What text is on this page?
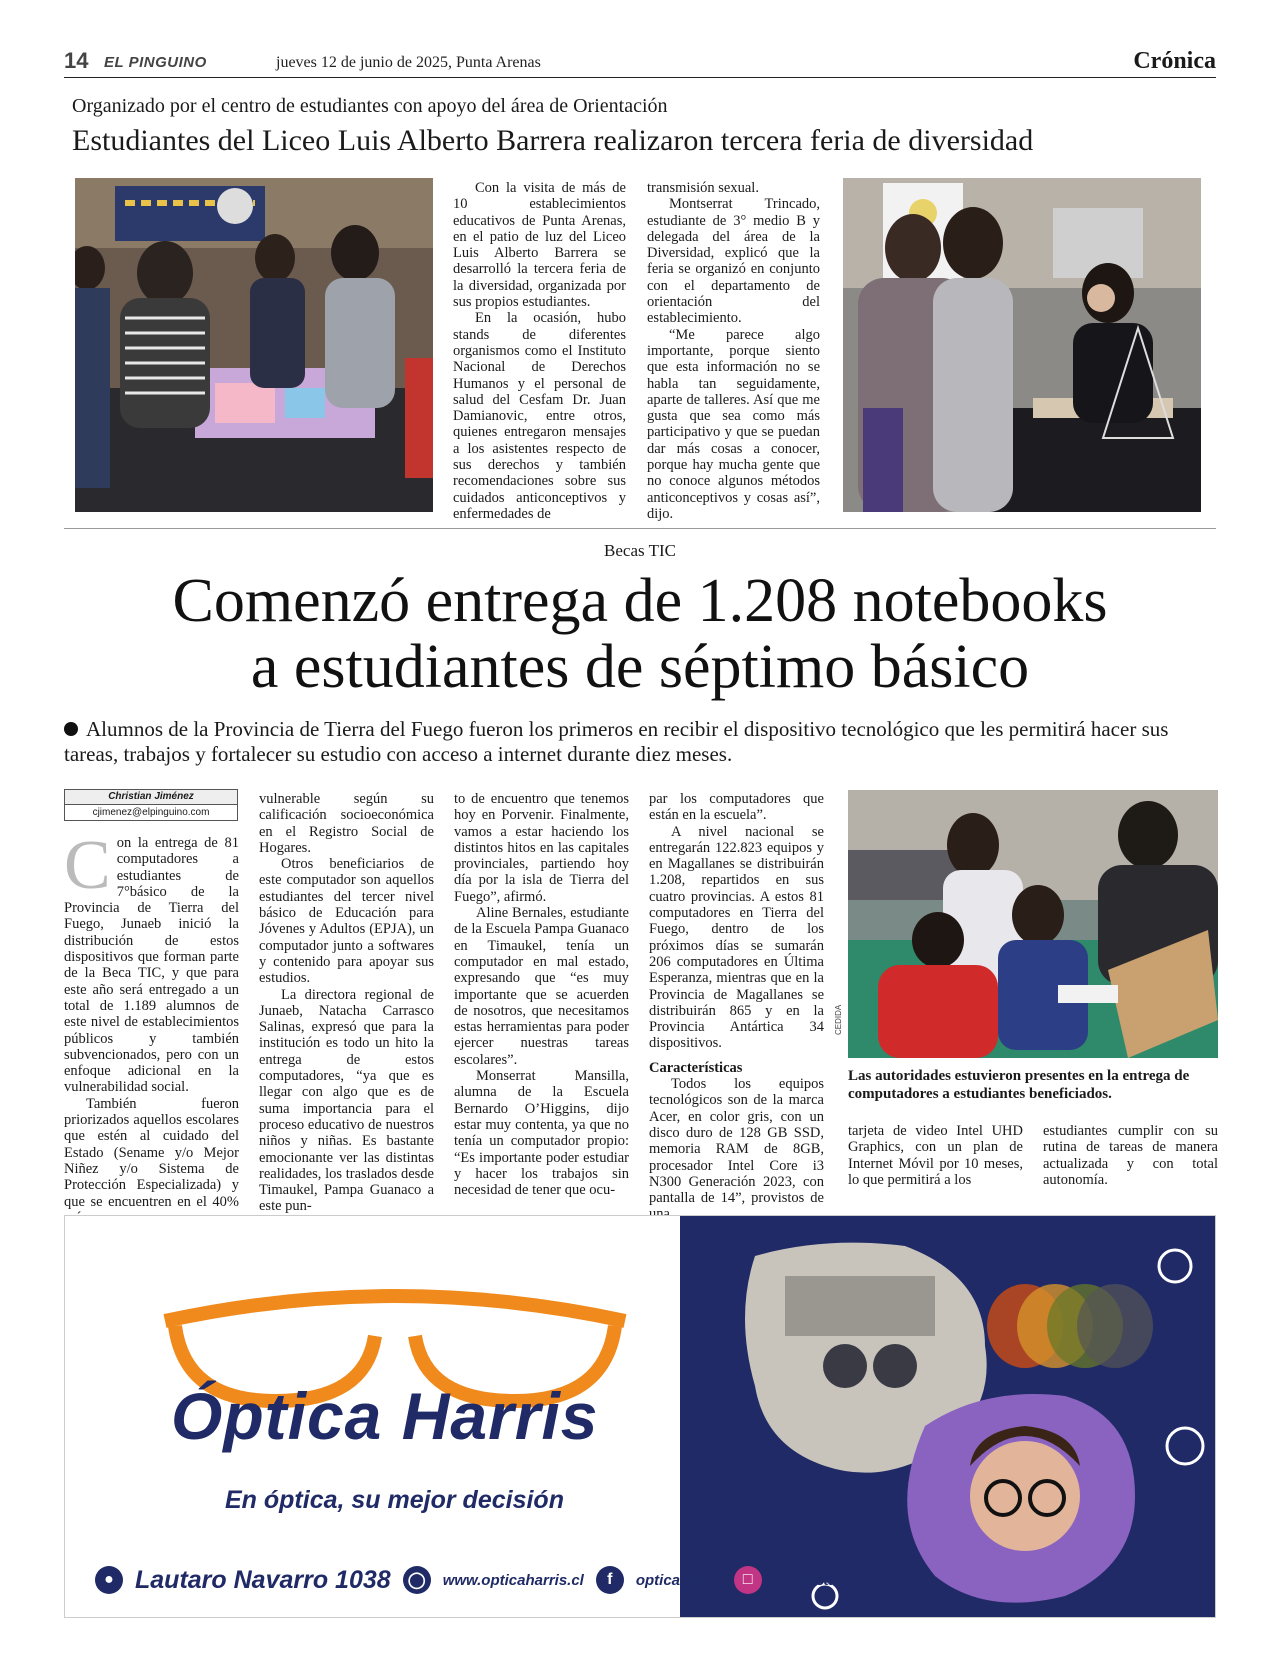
14 EL PINGUINO	jueves 12 de junio de 2025, Punta Arenas	Crónica
Organizado por el centro de estudiantes con apoyo del área de Orientación
Estudiantes del Liceo Luis Alberto Barrera realizaron tercera feria de diversidad

Con la visita de más de 10 establecimientos educativos de Punta Arenas, en el patio de luz del Liceo Luis Alberto Barrera se desarrolló la tercera feria de la diversidad, organizada por sus propios estudiantes.

En la ocasión, hubo stands de diferentes organismos como el Instituto Nacional de Derechos Humanos y el personal de salud del Cesfam Dr. Juan Damianovic, entre otros, quienes entregaron mensajes a los asistentes respecto de sus derechos y también recomendaciones sobre sus cuidados anticonceptivos y enfermedades de

transmisión sexual.

Montserrat Trincado, estudiante de 3° medio B y delegada del área de la Diversidad, explicó que la feria se organizó en conjunto con el departamento de orientación del establecimiento.

“Me parece algo importante, porque siento que esta información no se habla tan seguidamente, aparte de talleres. Así que me gusta que sea como más participativo y que se puedan dar más cosas a conocer, porque hay mucha gente que no conoce algunos métodos anticonceptivos y cosas así”, dijo.

Becas TIC
Comenzó entrega de 1.208 notebooks
a estudiantes de séptimo básico
Alumnos de la Provincia de Tierra del Fuego fueron los primeros en recibir el dispositivo tecnológico que les permitirá hacer sus tareas, trabajos y fortalecer su estudio con acceso a internet durante diez meses.
Christian Jiménez
cjimenez@elpinguino.com

Con la entrega de 81 computadores a estudiantes de 7°básico de la Provincia de Tierra del Fuego, Junaeb inició la distribución de estos dispositivos que forman parte de la Beca TIC, y que para este año será entregado a un total de 1.189 alumnos de este nivel de establecimientos públicos y también subvencionados, pero con un enfoque adicional en la vulnerabilidad social.

También fueron priorizados aquellos escolares que estén al cuidado del Estado (Sename y/o Mejor Niñez y/o Sistema de Protección Especializada) y que se encuentren en el 40%

vulnerable según su calificación socioeconómica en el Registro Social de Hogares.

Otros beneficiarios de este computador son aquellos estudiantes del tercer nivel básico de Educación para Jóvenes y Adultos (EPJA), un computador junto a softwares y contenido para apoyar sus estudios.

La directora regional de Junaeb, Natacha Carrasco Salinas, expresó que para la institución es todo un hito la entrega de estos computadores, “ya que es llegar con algo que es de suma importancia para el proceso educativo de nuestros niños y niñas. Es bastante emocionante ver las distintas realidades, los traslados desde Timaukel, Pampa Guanaco a este pun-

to de encuentro que tenemos hoy en Porvenir. Finalmente, vamos a estar haciendo los distintos hitos en las capitales provinciales, partiendo hoy día por la isla de Tierra del Fuego”, afirmó.

Aline Bernales, estudiante de la Escuela Pampa Guanaco en Timaukel, tenía un computador en mal estado, expresando que “es muy importante que se acuerden de nosotros, que necesitamos estas herramientas para poder ejercer nuestras tareas escolares”.

Monserrat Mansilla, alumna de la Escuela Bernardo O’Higgins, dijo estar muy contenta, ya que no tenía un computador propio: “Es importante poder estudiar y hacer los trabajos sin necesidad de tener que ocu-

par los computadores que están en la escuela”.

A nivel nacional se entregarán 122.823 equipos y en Magallanes se distribuirán 1.208, repartidos en sus cuatro provincias. A estos 81 computadores en Tierra del Fuego, dentro de los próximos días se sumarán 206 computadores en Última Esperanza, mientras que en la Provincia de Magallanes se distribuirán 865 y en la Provincia Antártica 34 dispositivos.

Características

Todos los equipos tecnológicos son de la marca Acer, en color gris, con un disco duro de 128 GB SSD, memoria RAM de 8GB, procesador Intel Core i3 N300 Generación 2023, con pantalla de 14”, provistos de

CEDIDA
Las autoridades estuvieron presentes en la entrega de computadores a estudiantes beneficiados.

tarjeta de video Intel UHD Graphics, con un plan de Internet Móvil por 10 meses, lo que permitirá a los

estudiantes cumplir con su rutina de tareas de manera actualizada y con total autonomía.

Óptica Harris
En óptica, su mejor decisión
● Lautaro Navarro 1038	◯	www.opticaharris.cl	f	opticaharris	□	@opticaharris
